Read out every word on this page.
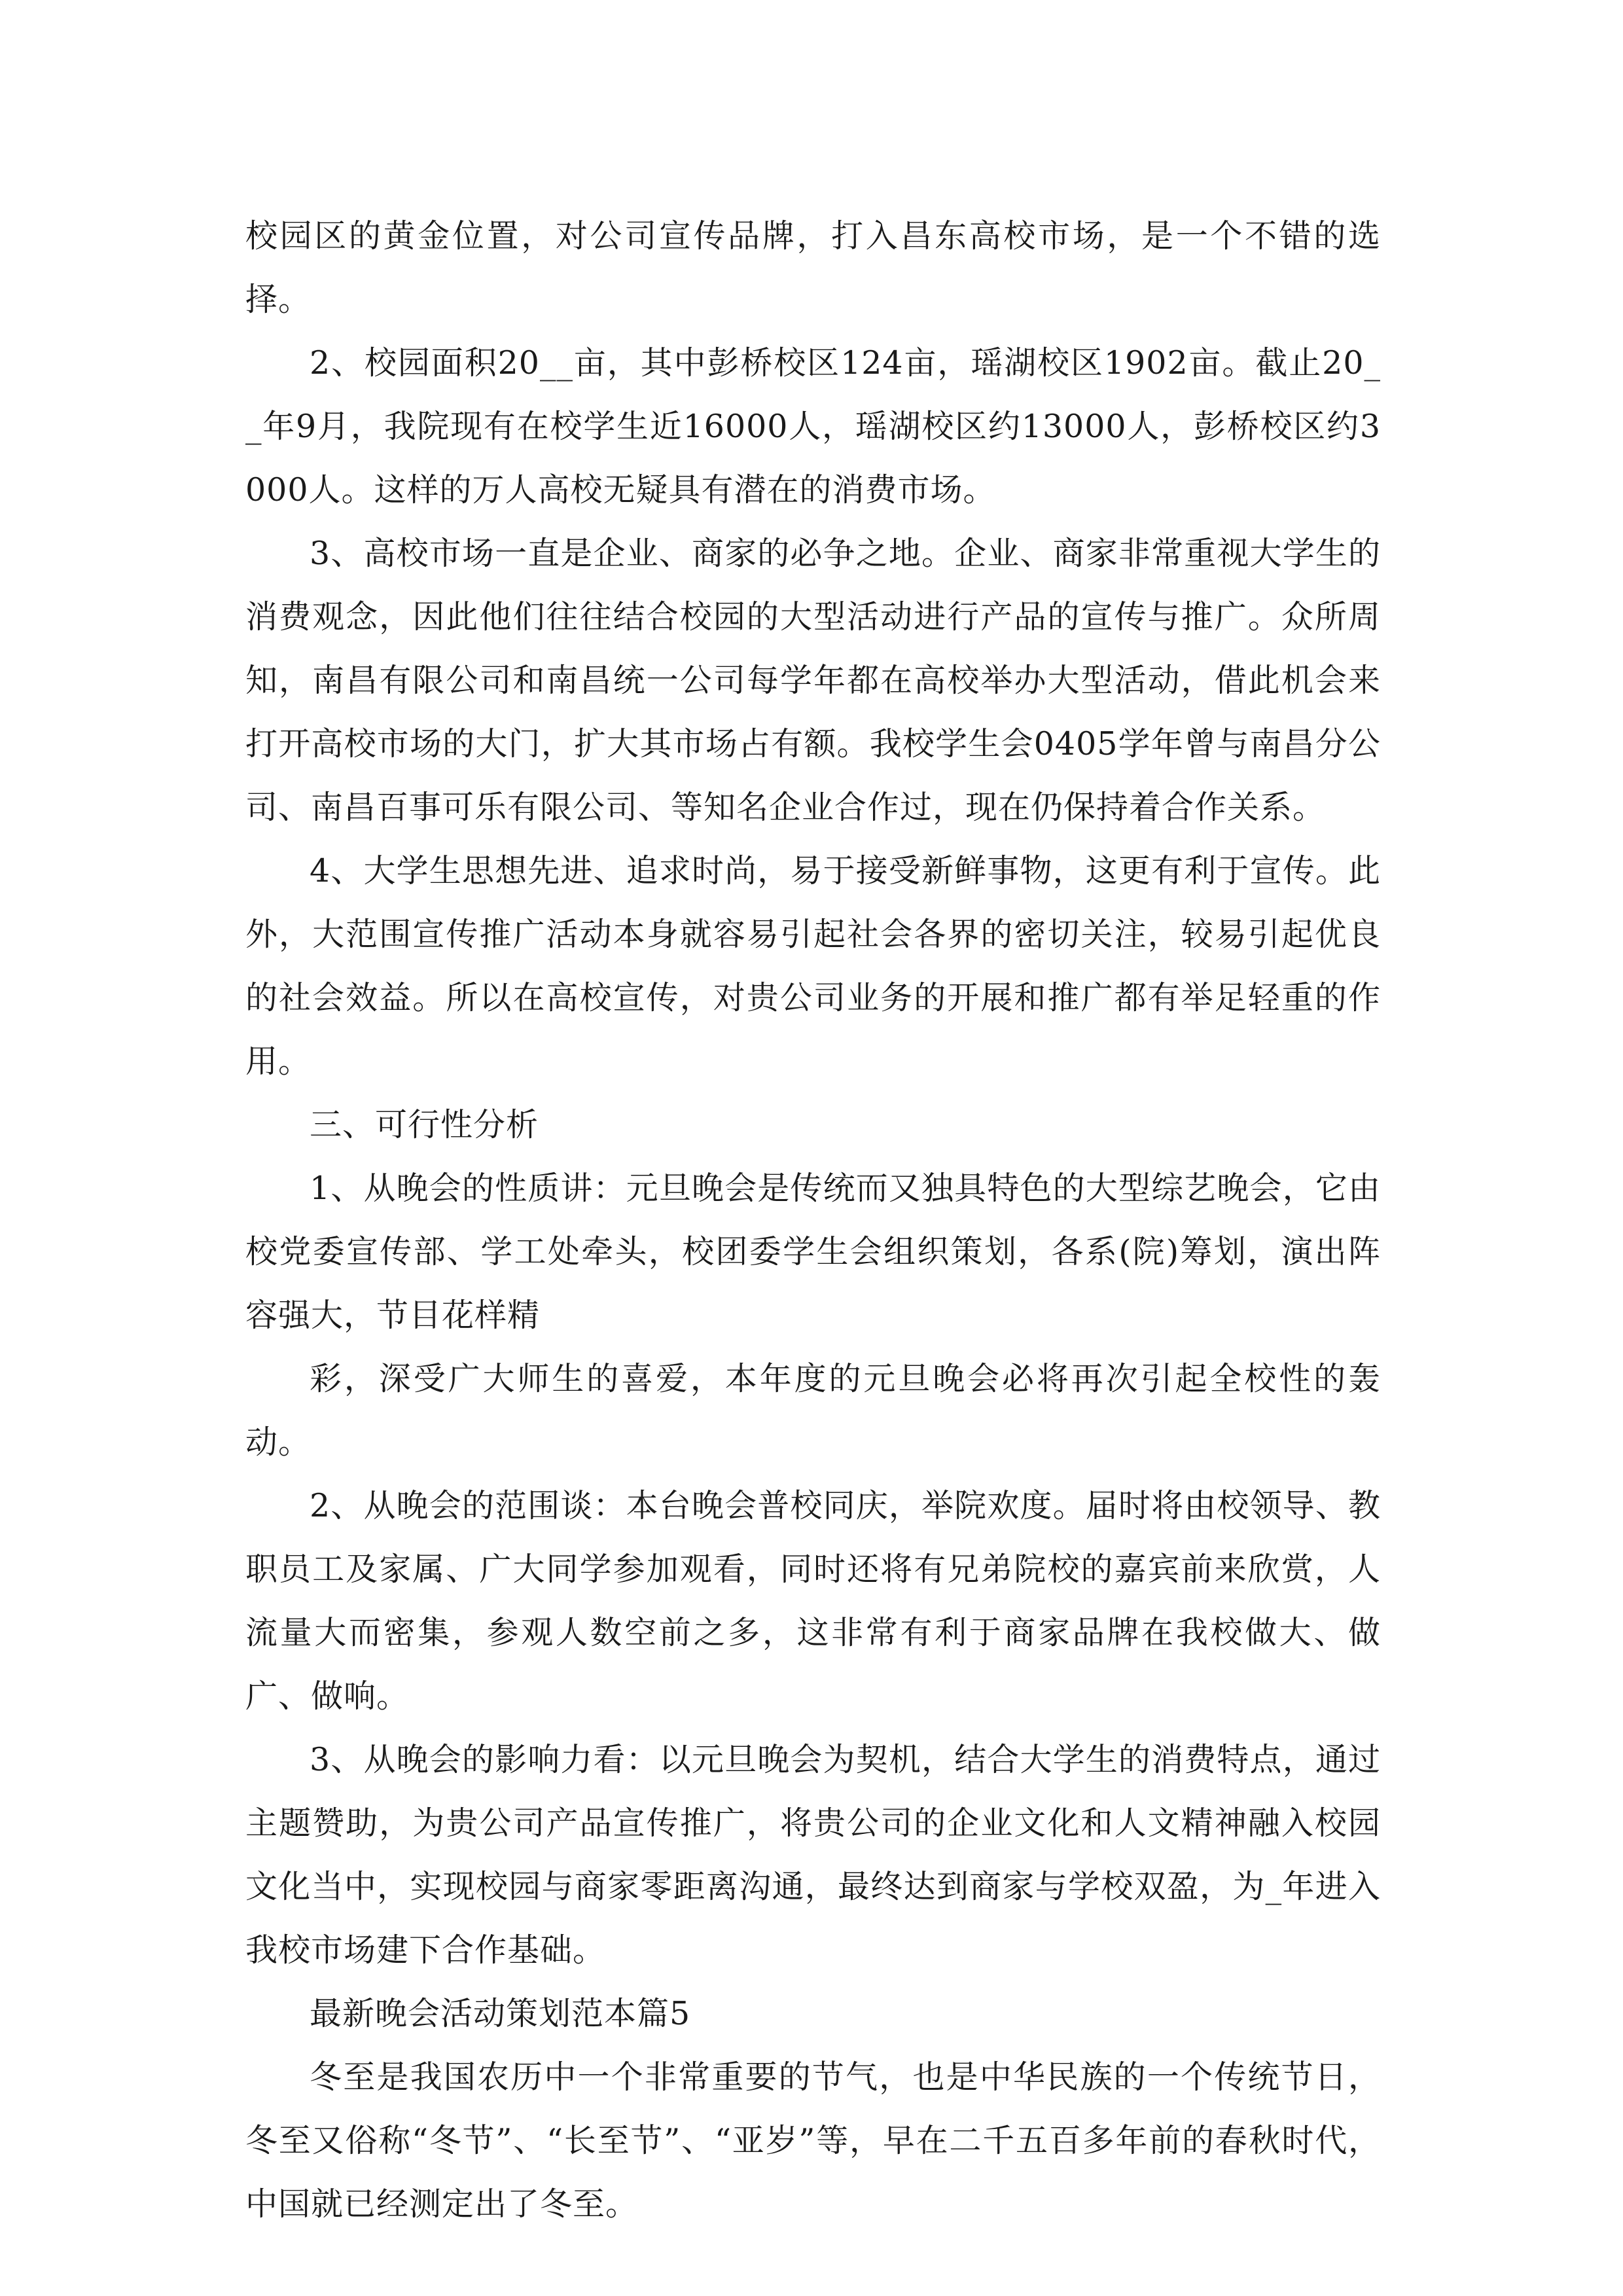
校园区的黄金位置，对公司宣传品牌，打入昌东高校市场，是一个不错的选择。

2、校园面积20__亩，其中彭桥校区124亩，瑶湖校区1902亩。截止20__年9月，我院现有在校学生近16000人，瑶湖校区约13000人，彭桥校区约3000人。这样的万人高校无疑具有潜在的消费市场。

3、高校市场一直是企业、商家的必争之地。企业、商家非常重视大学生的消费观念，因此他们往往结合校园的大型活动进行产品的宣传与推广。众所周知，南昌有限公司和南昌统一公司每学年都在高校举办大型活动，借此机会来打开高校市场的大门，扩大其市场占有额。我校学生会0405学年曾与南昌分公司、南昌百事可乐有限公司、等知名企业合作过，现在仍保持着合作关系。

4、大学生思想先进、追求时尚，易于接受新鲜事物，这更有利于宣传。此外，大范围宣传推广活动本身就容易引起社会各界的密切关注，较易引起优良的社会效益。所以在高校宣传，对贵公司业务的开展和推广都有举足轻重的作用。

三、可行性分析

1、从晚会的性质讲：元旦晚会是传统而又独具特色的大型综艺晚会，它由校党委宣传部、学工处牵头，校团委学生会组织策划，各系(院)筹划，演出阵容强大，节目花样精

彩，深受广大师生的喜爱，本年度的元旦晚会必将再次引起全校性的轰动。

2、从晚会的范围谈：本台晚会普校同庆，举院欢度。届时将由校领导、教职员工及家属、广大同学参加观看，同时还将有兄弟院校的嘉宾前来欣赏，人流量大而密集，参观人数空前之多，这非常有利于商家品牌在我校做大、做广、做响。

3、从晚会的影响力看：以元旦晚会为契机，结合大学生的消费特点，通过主题赞助，为贵公司产品宣传推广，将贵公司的企业文化和人文精神融入校园文化当中，实现校园与商家零距离沟通，最终达到商家与学校双盈，为_年进入我校市场建下合作基础。

最新晚会活动策划范本篇5

冬至是我国农历中一个非常重要的节气，也是中华民族的一个传统节日，冬至又俗称“冬节”、“长至节”、“亚岁”等，早在二千五百多年前的春秋时代，中国就已经测定出了冬至。
